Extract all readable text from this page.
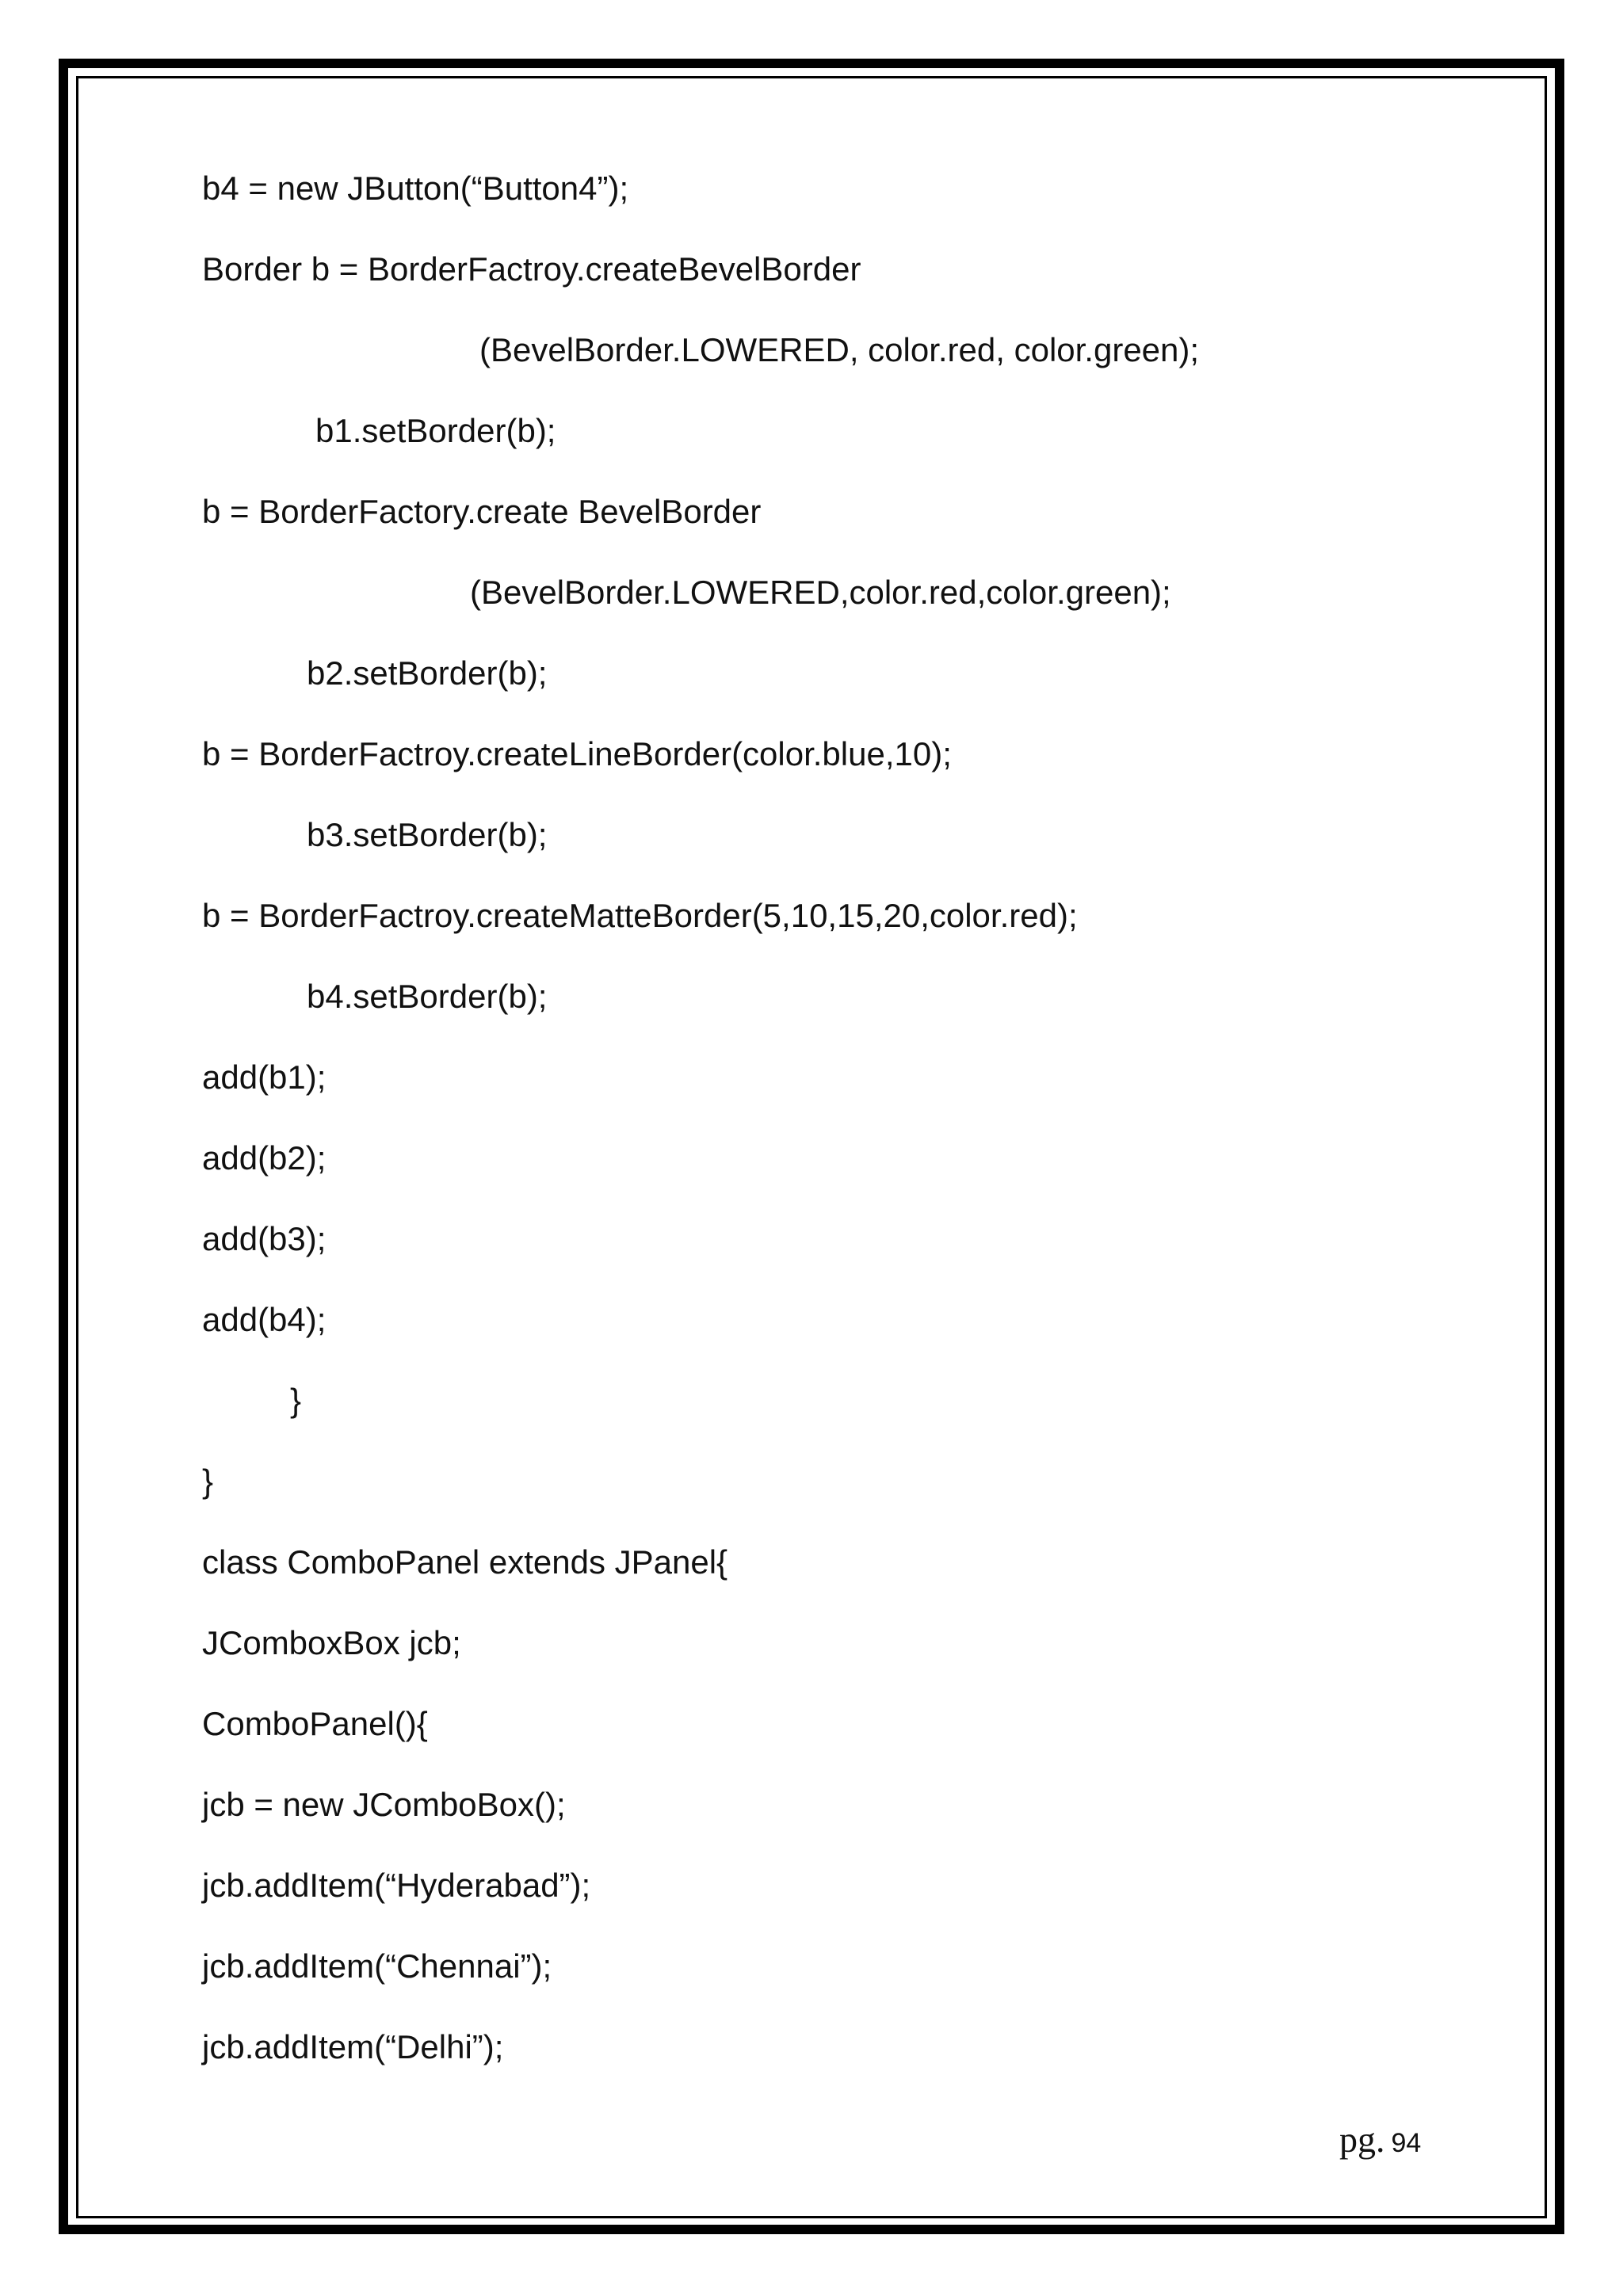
b4 = new JButton(“Button4”);
Border b = BorderFactroy.createBevelBorder
(BevelBorder.LOWERED, color.red, color.green);
b1.setBorder(b);
b = BorderFactory.create BevelBorder
(BevelBorder.LOWERED,color.red,color.green);
b2.setBorder(b);
b = BorderFactroy.createLineBorder(color.blue,10);
b3.setBorder(b);
b = BorderFactroy.createMatteBorder(5,10,15,20,color.red);
b4.setBorder(b);
add(b1);
add(b2);
add(b3);
add(b4);
}
}
class ComboPanel extends JPanel{
JComboxBox jcb;
ComboPanel(){
jcb = new JComboBox();
jcb.addItem(“Hyderabad”);
jcb.addItem(“Chennai”);
jcb.addItem(“Delhi”);
pg. 94
